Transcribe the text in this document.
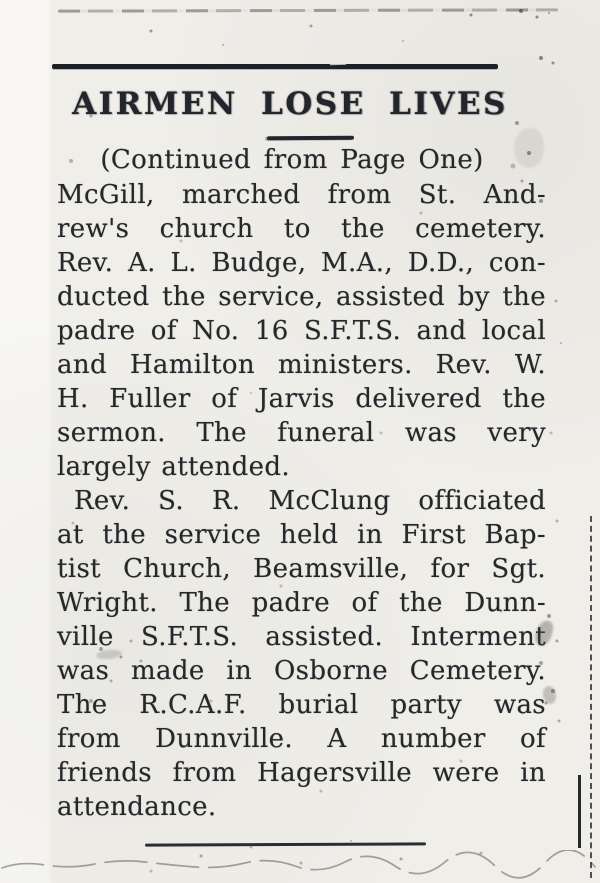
AIRMEN LOSE LIVES
(Continued from Page One)
McGill, marched from St. And-
rew's church to the cemetery.
Rev. A. L. Budge, M.A., D.D., con-
ducted the service, assisted by the
padre of No. 16 S.F.T.S. and local
and Hamilton ministers. Rev. W.
H. Fuller of Jarvis delivered the
sermon. The funeral was very
largely attended.
Rev. S. R. McClung officiated
at the service held in First Bap-
tist Church, Beamsville, for Sgt.
Wright. The padre of the Dunn-
ville S.F.T.S. assisted. Interment
was made in Osborne Cemetery.
The R.C.A.F. burial party was
from Dunnville. A number of
friends from Hagersville were in
attendance.
